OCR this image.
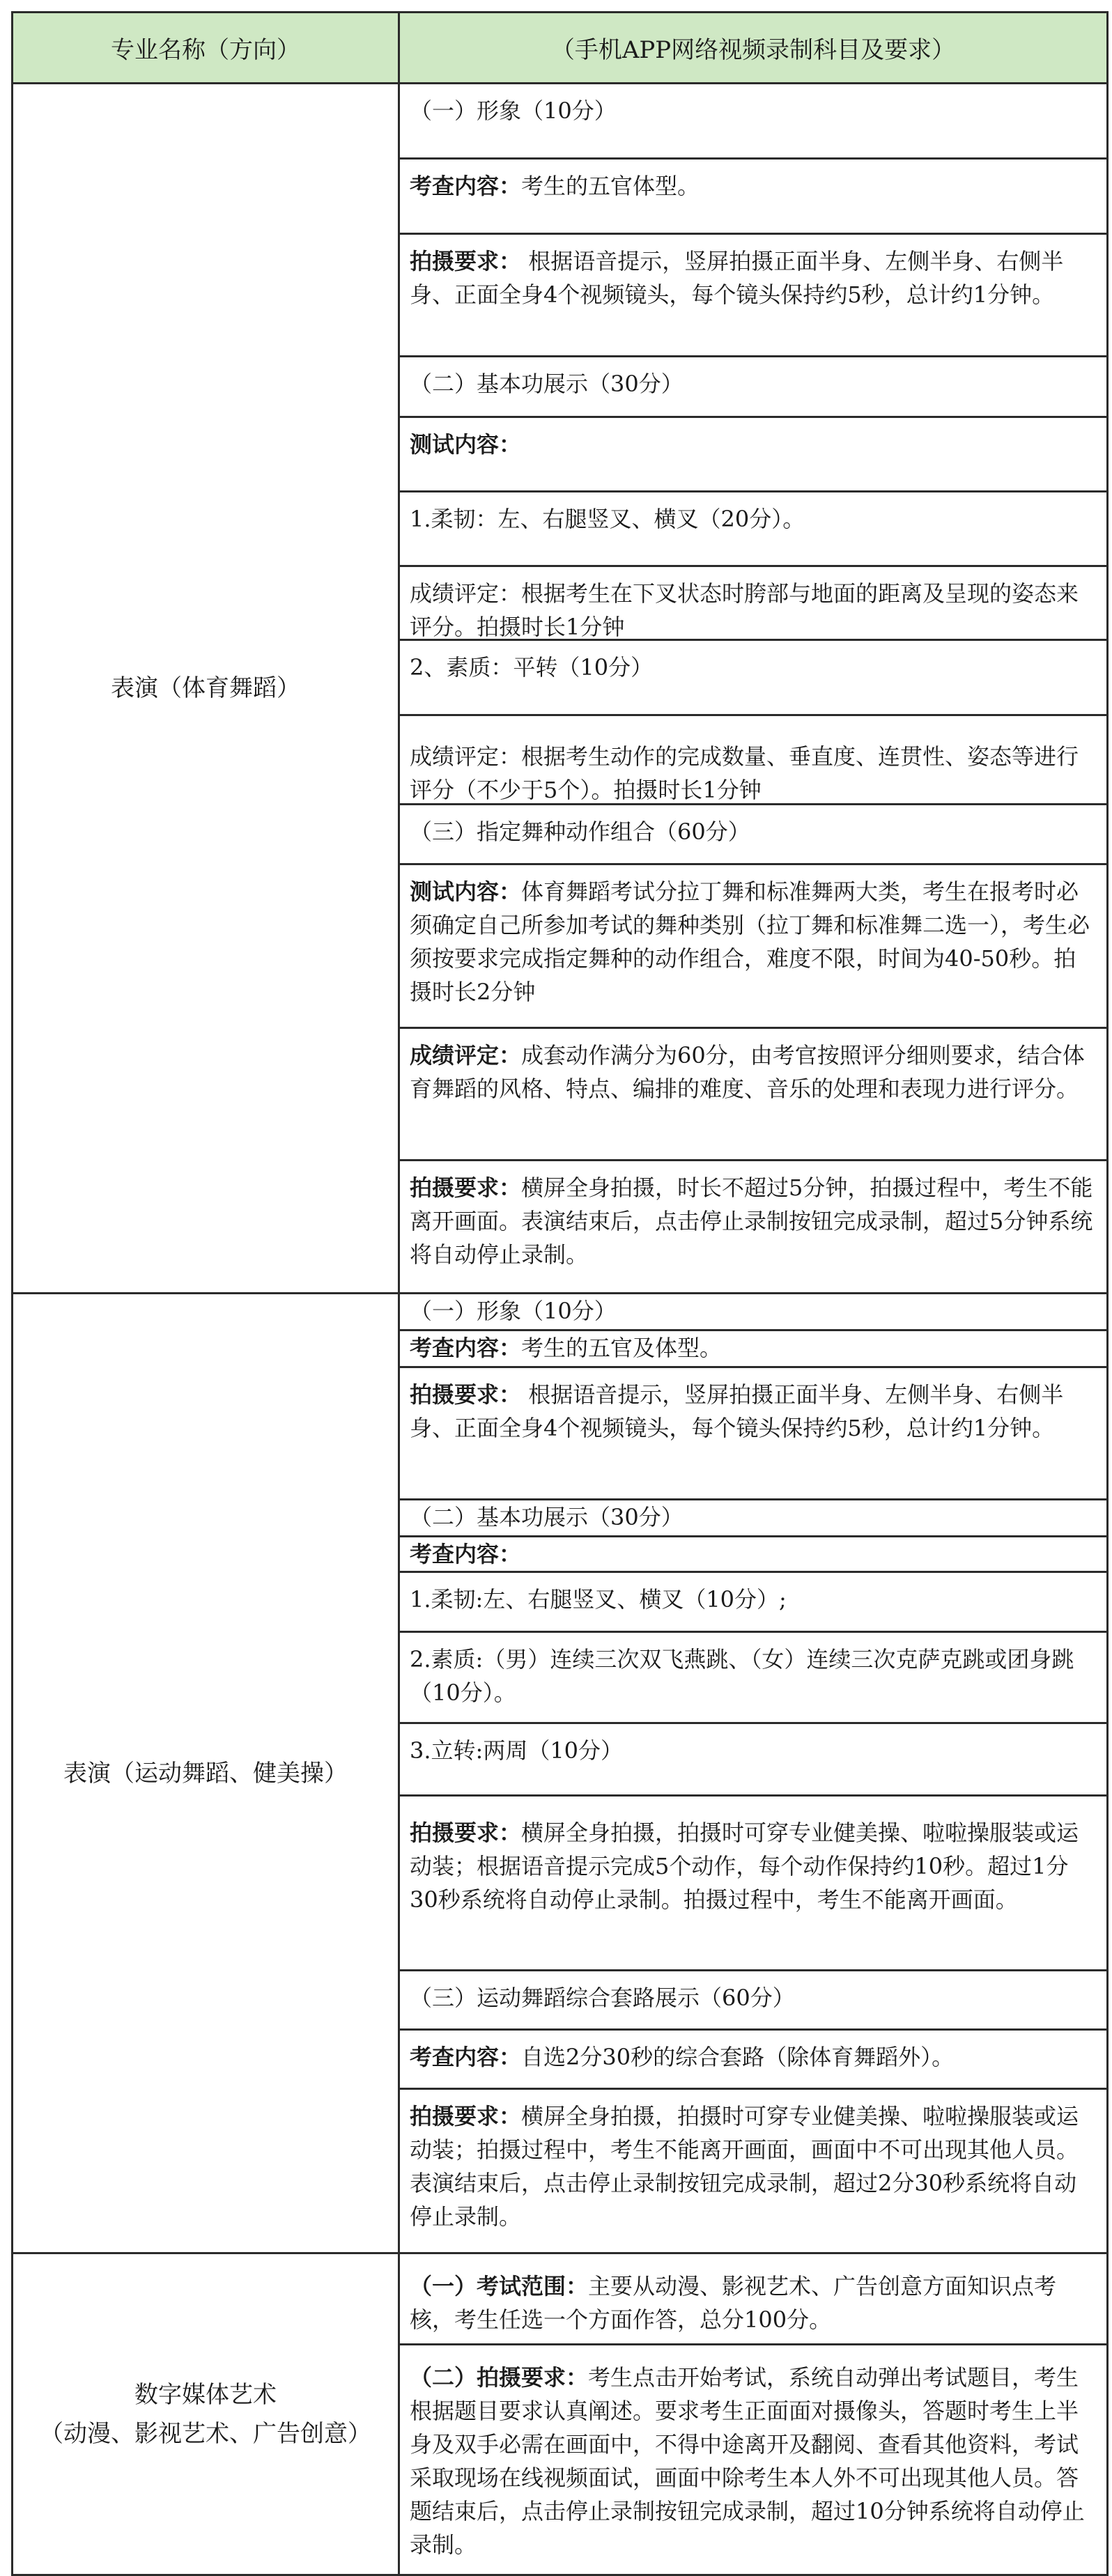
专业名称（方向）	（手机APP网络视频录制科目及要求）
表演（体育舞蹈）
（一）形象（10分）
考查内容：考生的五官体型。
拍摄要求： 根据语音提示，竖屏拍摄正面半身、左侧半身、右侧半身、正面全身4个视频镜头，每个镜头保持约5秒，总计约1分钟。
（二）基本功展示（30分）
测试内容：
1.柔韧：左、右腿竖叉、横叉（20分）。
成绩评定：根据考生在下叉状态时胯部与地面的距离及呈现的姿态来评分。拍摄时长1分钟
2、素质：平转（10分）
成绩评定：根据考生动作的完成数量、垂直度、连贯性、姿态等进行评分（不少于5个）。拍摄时长1分钟
（三）指定舞种动作组合（60分）
测试内容：体育舞蹈考试分拉丁舞和标准舞两大类，考生在报考时必须确定自己所参加考试的舞种类别（拉丁舞和标准舞二选一），考生必须按要求完成指定舞种的动作组合，难度不限，时间为40-50秒。拍摄时长2分钟
成绩评定：成套动作满分为60分，由考官按照评分细则要求，结合体育舞蹈的风格、特点、编排的难度、音乐的处理和表现力进行评分。
拍摄要求：横屏全身拍摄，时长不超过5分钟，拍摄过程中，考生不能离开画面。表演结束后，点击停止录制按钮完成录制，超过5分钟系统将自动停止录制。
表演（运动舞蹈、健美操）
（一）形象（10分）
考查内容：考生的五官及体型。
拍摄要求： 根据语音提示，竖屏拍摄正面半身、左侧半身、右侧半身、正面全身4个视频镜头，每个镜头保持约5秒，总计约1分钟。
（二）基本功展示（30分）
考查内容：
1.柔韧:左、右腿竖叉、横叉（10分）;
2.素质:（男）连续三次双飞燕跳、（女）连续三次克萨克跳或团身跳（10分）。
3.立转:两周（10分）
拍摄要求：横屏全身拍摄，拍摄时可穿专业健美操、啦啦操服装或运动装；根据语音提示完成5个动作，每个动作保持约10秒。超过1分30秒系统将自动停止录制。拍摄过程中，考生不能离开画面。
（三）运动舞蹈综合套路展示（60分）
考查内容：自选2分30秒的综合套路（除体育舞蹈外）。
拍摄要求：横屏全身拍摄，拍摄时可穿专业健美操、啦啦操服装或运动装；拍摄过程中，考生不能离开画面，画面中不可出现其他人员。表演结束后，点击停止录制按钮完成录制，超过2分30秒系统将自动停止录制。
数字媒体艺术
（动漫、影视艺术、广告创意）
（一）考试范围：主要从动漫、影视艺术、广告创意方面知识点考核，考生任选一个方面作答，总分100分。
（二）拍摄要求：考生点击开始考试，系统自动弹出考试题目，考生根据题目要求认真阐述。要求考生正面面对摄像头，答题时考生上半身及双手必需在画面中，不得中途离开及翻阅、查看其他资料，考试采取现场在线视频面试，画面中除考生本人外不可出现其他人员。答题结束后，点击停止录制按钮完成录制，超过10分钟系统将自动停止录制。
